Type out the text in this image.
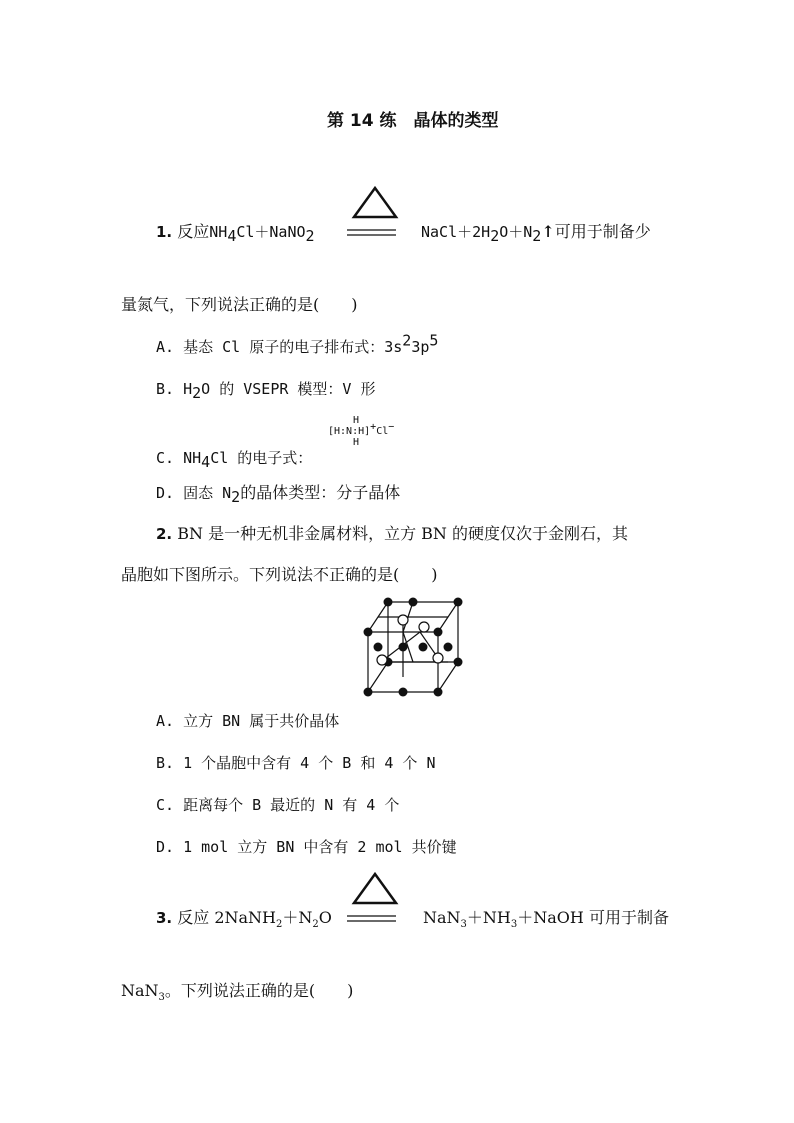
第 14 练　晶体的类型
1. 反应$NH_4Cl+NaNO_2$	$NaCl+2H_2O+N_2↑$可用于制备少
量氮气，下列说法正确的是(　　)
A. 基态 Cl 原子的电子排布式：$3s^23p^5$
B. $H_2O$ 的 VSEPR 模型：V 形
C. $NH_4Cl$ 的电子式：
H
[H:N:H]+Cl−
H
D. 固态 $N_2$的晶体类型：分子晶体
2. BN 是一种无机非金属材料，立方 BN 的硬度仅次于金刚石，其
晶胞如下图所示。下列说法不正确的是(　　)
A. 立方 BN 属于共价晶体
B. 1 个晶胞中含有 4 个 B 和 4 个 N
C. 距离每个 B 最近的 N 有 4 个
D. 1 mol 立方 BN 中含有 2 mol 共价键
3. 反应 $2NaNH_2+N_2O$	$NaN_3+NH_3+NaOH$ 可用于制备
NaN$_3$。下列说法正确的是(　　)
